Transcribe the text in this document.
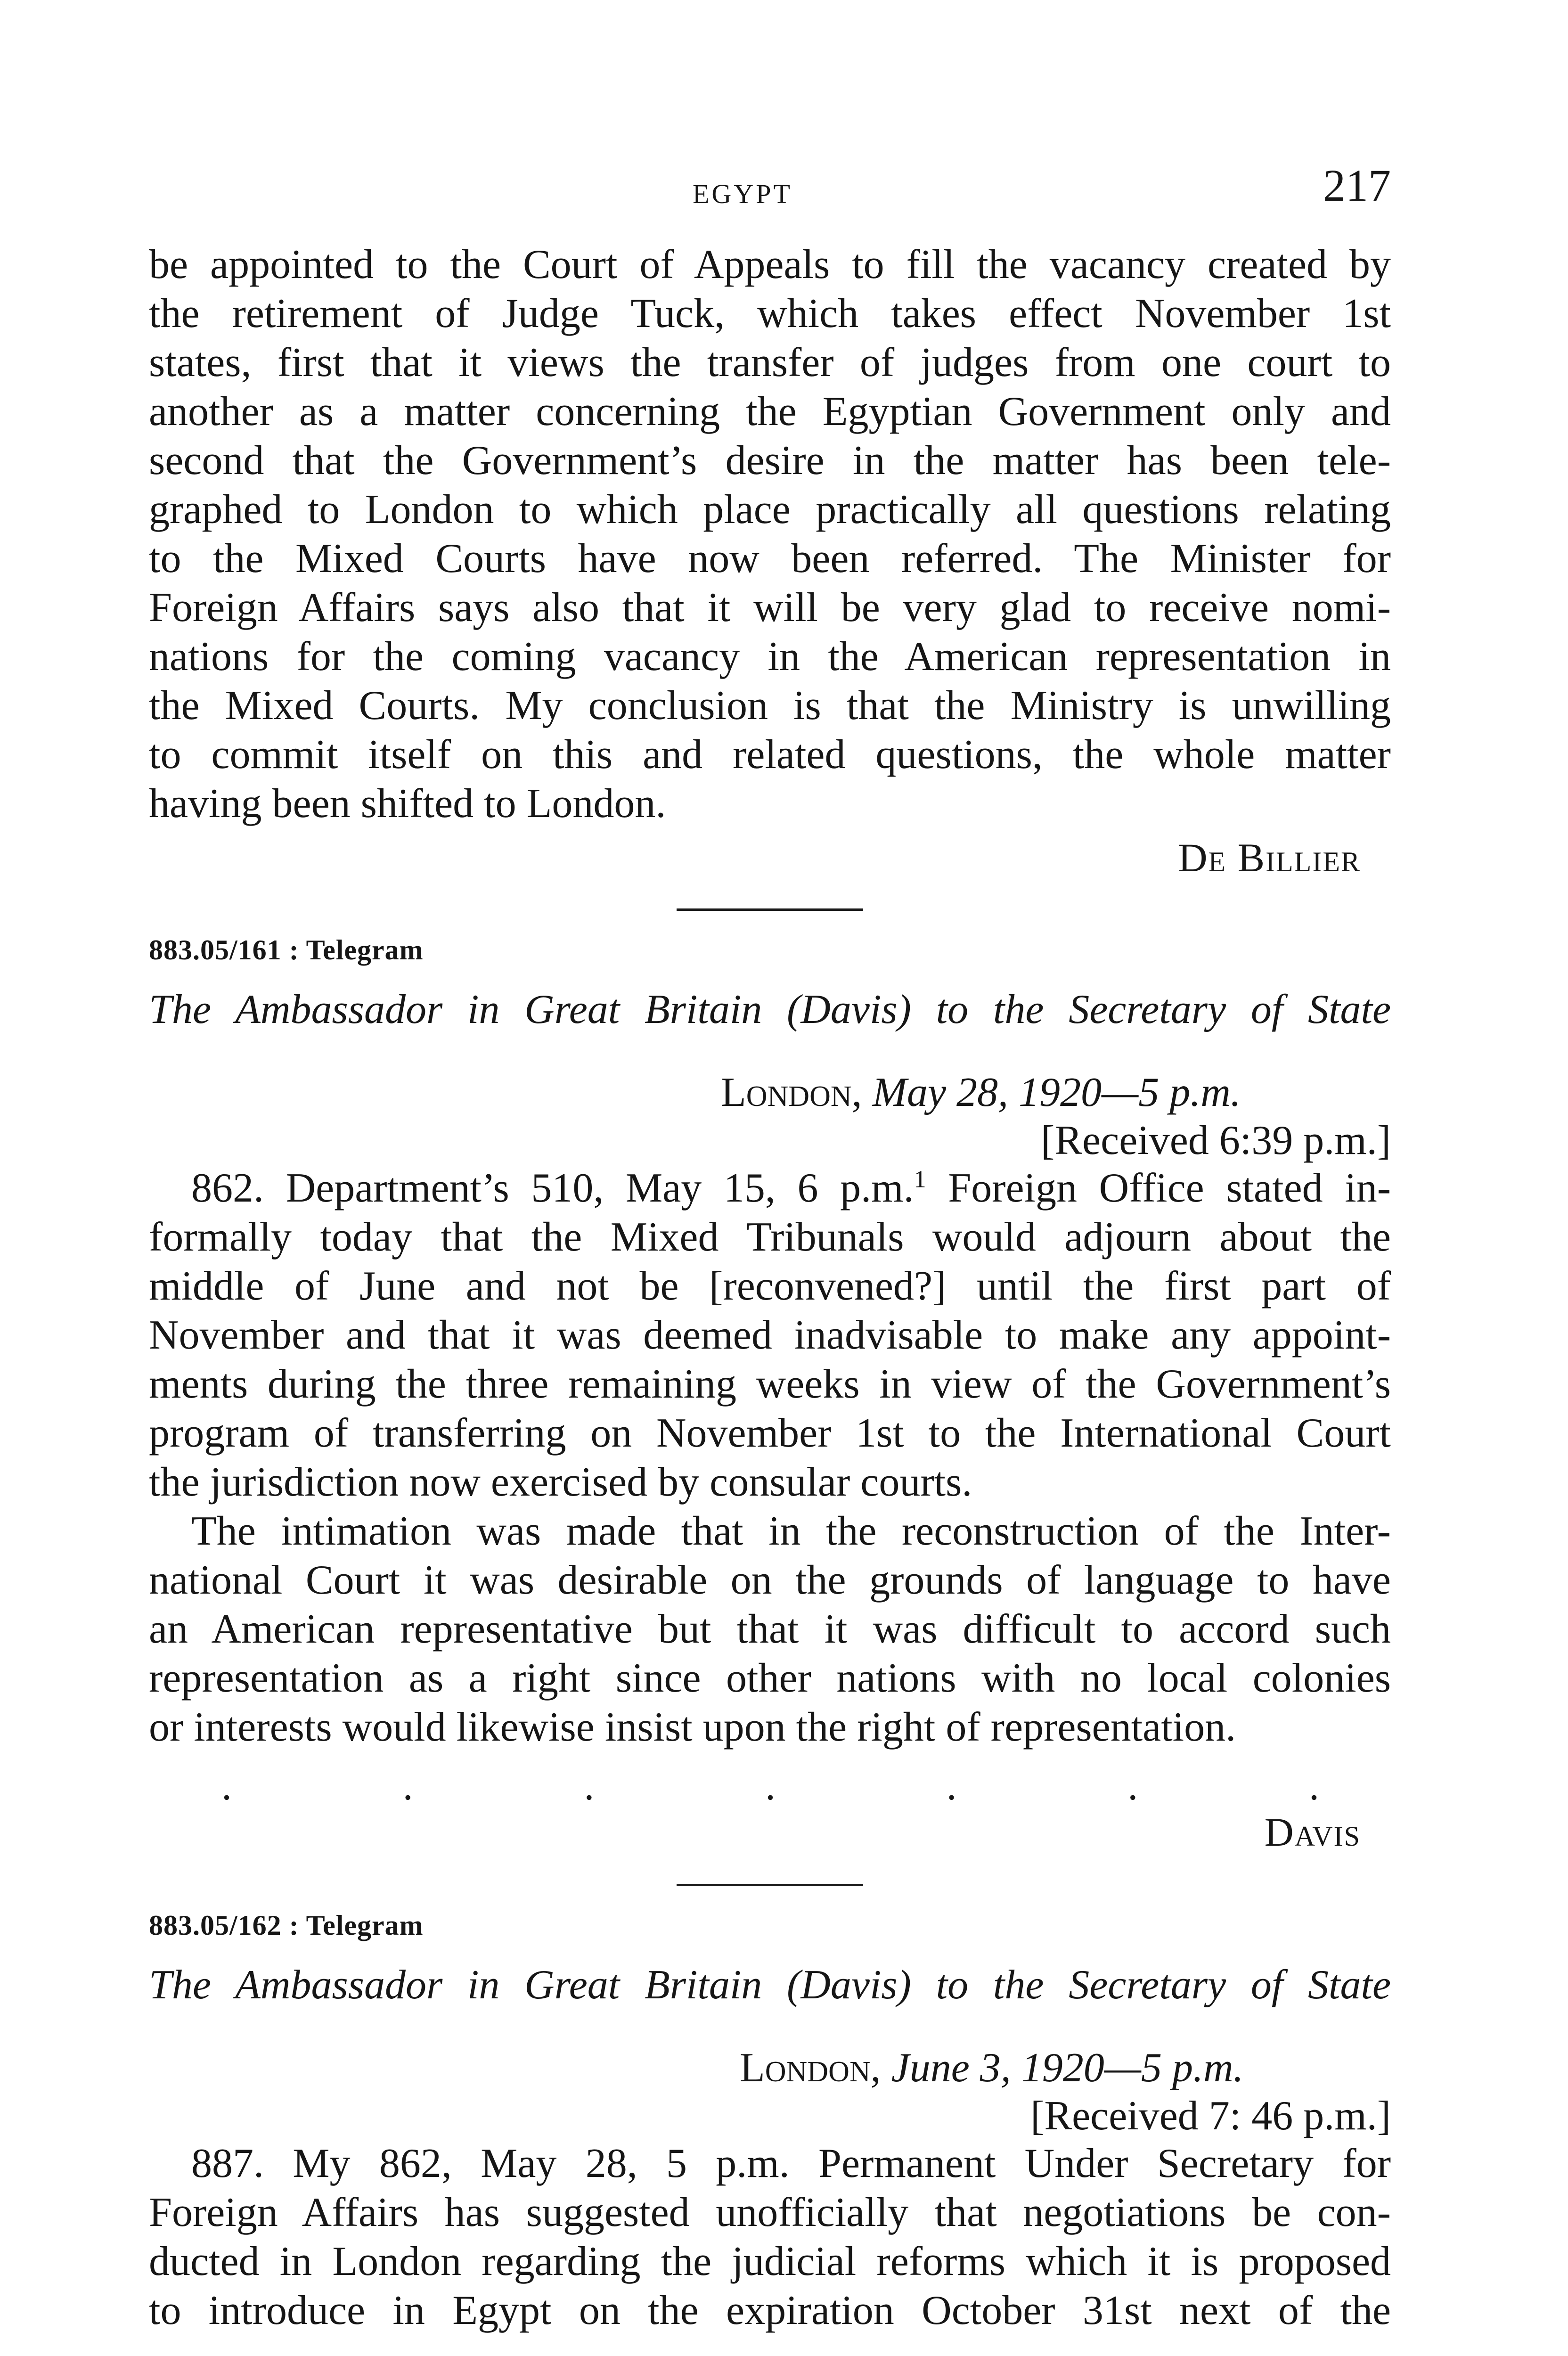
EGYPT	217
be appointed to the Court of Appeals to fill the vacancy created by
the retirement of Judge Tuck, which takes effect November 1st
states, first that it views the transfer of judges from one court to
another as a matter concerning the Egyptian Government only and
second that the Government’s desire in the matter has been tele-
graphed to London to which place practically all questions relating
to the Mixed Courts have now been referred. The Minister for
Foreign Affairs says also that it will be very glad to receive nomi-
nations for the coming vacancy in the American representation in
the Mixed Courts. My conclusion is that the Ministry is unwilling
to commit itself on this and related questions, the whole matter
having been shifted to London.
De Billier
883.05/161 : Telegram
The Ambassador in Great Britain (Davis) to the Secretary of State
London, May 28, 1920—5 p.m.
[Received 6:39 p.m.]
862. Department’s 510, May 15, 6 p.m.$^1$ Foreign Office stated in-
formally today that the Mixed Tribunals would adjourn about the
middle of June and not be [reconvened?] until the first part of
November and that it was deemed inadvisable to make any appoint-
ments during the three remaining weeks in view of the Government’s
program of transferring on November 1st to the International Court
the jurisdiction now exercised by consular courts.
The intimation was made that in the reconstruction of the Inter-
national Court it was desirable on the grounds of language to have
an American representative but that it was difficult to accord such
representation as a right since other nations with no local colonies
or interests would likewise insist upon the right of representation.
.	.	.	.	.	.	.
Davis
883.05/162 : Telegram
The Ambassador in Great Britain (Davis) to the Secretary of State
London, June 3, 1920—5 p.m.
[Received 7: 46 p.m.]
887. My 862, May 28, 5 p.m. Permanent Under Secretary for
Foreign Affairs has suggested unofficially that negotiations be con-
ducted in London regarding the judicial reforms which it is proposed
to introduce in Egypt on the expiration October 31st next of the
